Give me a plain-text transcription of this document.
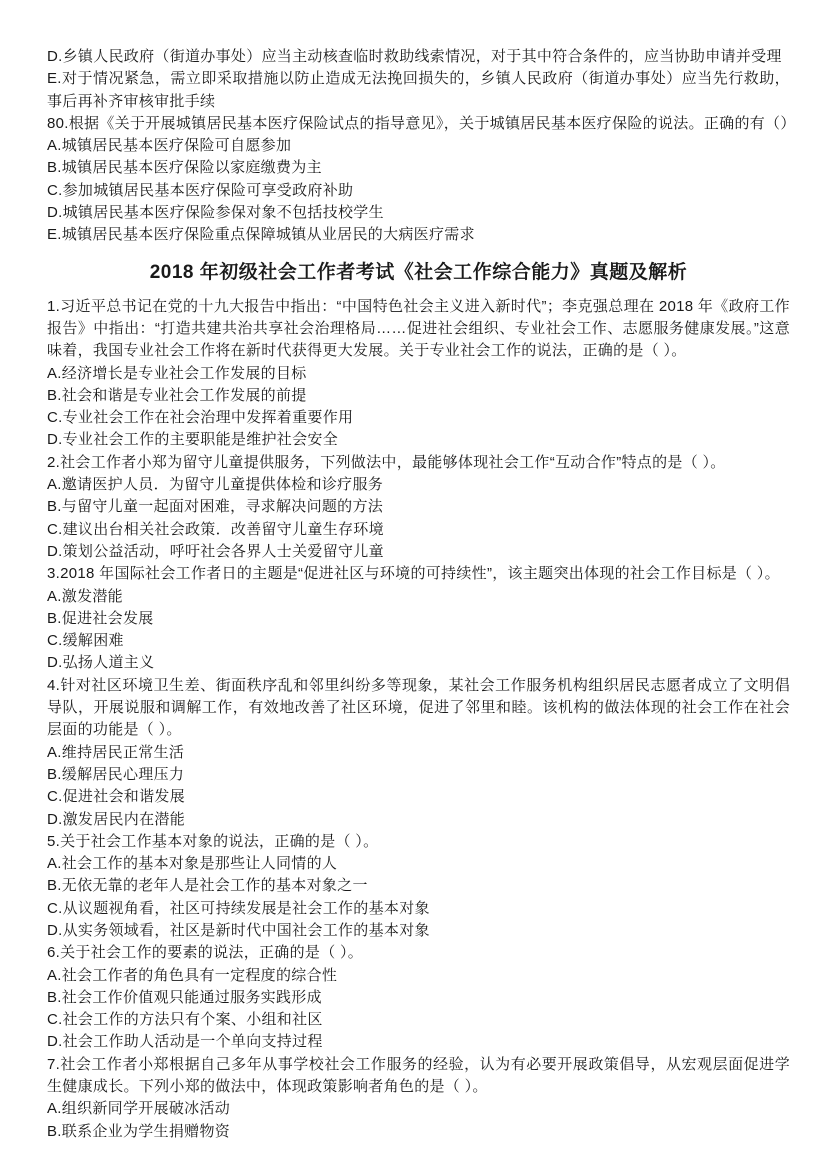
D.乡镇人民政府（街道办事处）应当主动核查临时救助线索情况，对于其中符合条件的，应当协助申请并受理

E.对于情况紧急，需立即采取措施以防止造成无法挽回损失的，乡镇人民政府（街道办事处）应当先行救助，事后再补齐审核审批手续

80.根据《关于开展城镇居民基本医疗保险试点的指导意见》，关于城镇居民基本医疗保险的说法。正确的有（）

A.城镇居民基本医疗保险可自愿参加

B.城镇居民基本医疗保险以家庭缴费为主

C.参加城镇居民基本医疗保险可享受政府补助

D.城镇居民基本医疗保险参保对象不包括技校学生

E.城镇居民基本医疗保险重点保障城镇从业居民的大病医疗需求

2018 年初级社会工作者考试《社会工作综合能力》真题及解析

1.习近平总书记在党的十九大报告中指出：“中国特色社会主义进入新时代”；李克强总理在 2018 年《政府工作报告》中指出：“打造共建共治共享社会治理格局……促进社会组织、专业社会工作、志愿服务健康发展。”这意味着，我国专业社会工作将在新时代获得更大发展。关于专业社会工作的说法，正确的是（ ）。

A.经济增长是专业社会工作发展的目标

B.社会和谐是专业社会工作发展的前提

C.专业社会工作在社会治理中发挥着重要作用

D.专业社会工作的主要职能是维护社会安全

2.社会工作者小郑为留守儿童提供服务，下列做法中，最能够体现社会工作“互动合作”特点的是（ ）。

A.邀请医护人员．为留守儿童提供体检和诊疗服务

B.与留守儿童一起面对困难，寻求解决问题的方法

C.建议出台相关社会政策．改善留守儿童生存环境

D.策划公益活动，呼吁社会各界人士关爱留守儿童

3.2018 年国际社会工作者日的主题是“促进社区与环境的可持续性”，该主题突出体现的社会工作目标是（ ）。

A.激发潜能

B.促进社会发展

C.缓解困难

D.弘扬人道主义

4.针对社区环境卫生差、街面秩序乱和邻里纠纷多等现象，某社会工作服务机构组织居民志愿者成立了文明倡导队，开展说服和调解工作，有效地改善了社区环境，促进了邻里和睦。该机构的做法体现的社会工作在社会层面的功能是（ ）。

A.维持居民正常生活

B.缓解居民心理压力

C.促进社会和谐发展

D.激发居民内在潜能

5.关于社会工作基本对象的说法，正确的是（ ）。

A.社会工作的基本对象是那些让人同情的人

B.无依无靠的老年人是社会工作的基本对象之一

C.从议题视角看，社区可持续发展是社会工作的基本对象

D.从实务领域看，社区是新时代中国社会工作的基本对象

6.关于社会工作的要素的说法，正确的是（ ）。

A.社会工作者的角色具有一定程度的综合性

B.社会工作价值观只能通过服务实践形成

C.社会工作的方法只有个案、小组和社区

D.社会工作助人活动是一个单向支持过程

7.社会工作者小郑根据自己多年从事学校社会工作服务的经验，认为有必要开展政策倡导，从宏观层面促进学生健康成长。下列小郑的做法中，体现政策影响者角色的是（ ）。

A.组织新同学开展破冰活动

B.联系企业为学生捐赠物资
